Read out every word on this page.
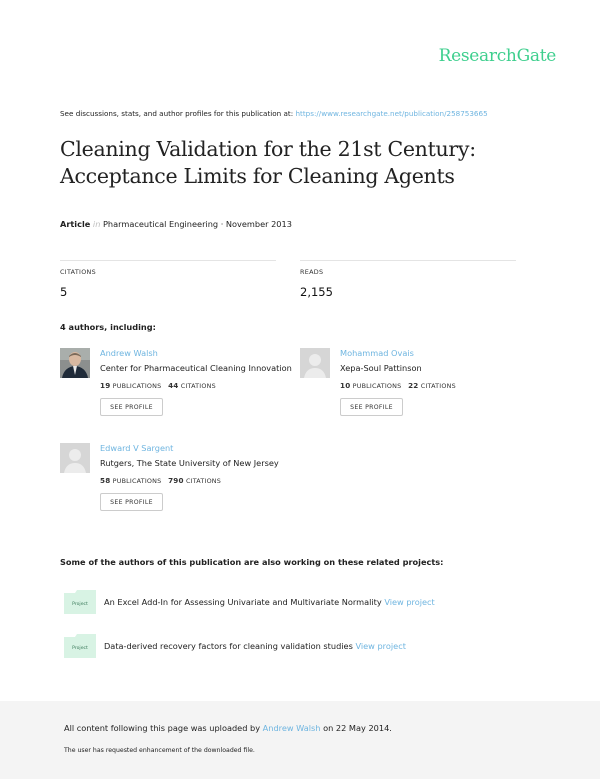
ResearchGate
See discussions, stats, and author profiles for this publication at: https://www.researchgate.net/publication/258753665
Cleaning Validation for the 21st Century: Acceptance Limits for Cleaning Agents
Article in Pharmaceutical Engineering · November 2013
CITATIONS
5
READS
2,155
4 authors, including:
Andrew Walsh
Center for Pharmaceutical Cleaning Innovation
19 PUBLICATIONS 44 CITATIONS
SEE PROFILE
Mohammad Ovais
Xepa-Soul Pattinson
10 PUBLICATIONS 22 CITATIONS
SEE PROFILE
Edward V Sargent
Rutgers, The State University of New Jersey
58 PUBLICATIONS 790 CITATIONS
SEE PROFILE
Some of the authors of this publication are also working on these related projects:
Project An Excel Add-In for Assessing Univariate and Multivariate Normality View project
Project Data-derived recovery factors for cleaning validation studies View project
All content following this page was uploaded by Andrew Walsh on 22 May 2014.
The user has requested enhancement of the downloaded file.
